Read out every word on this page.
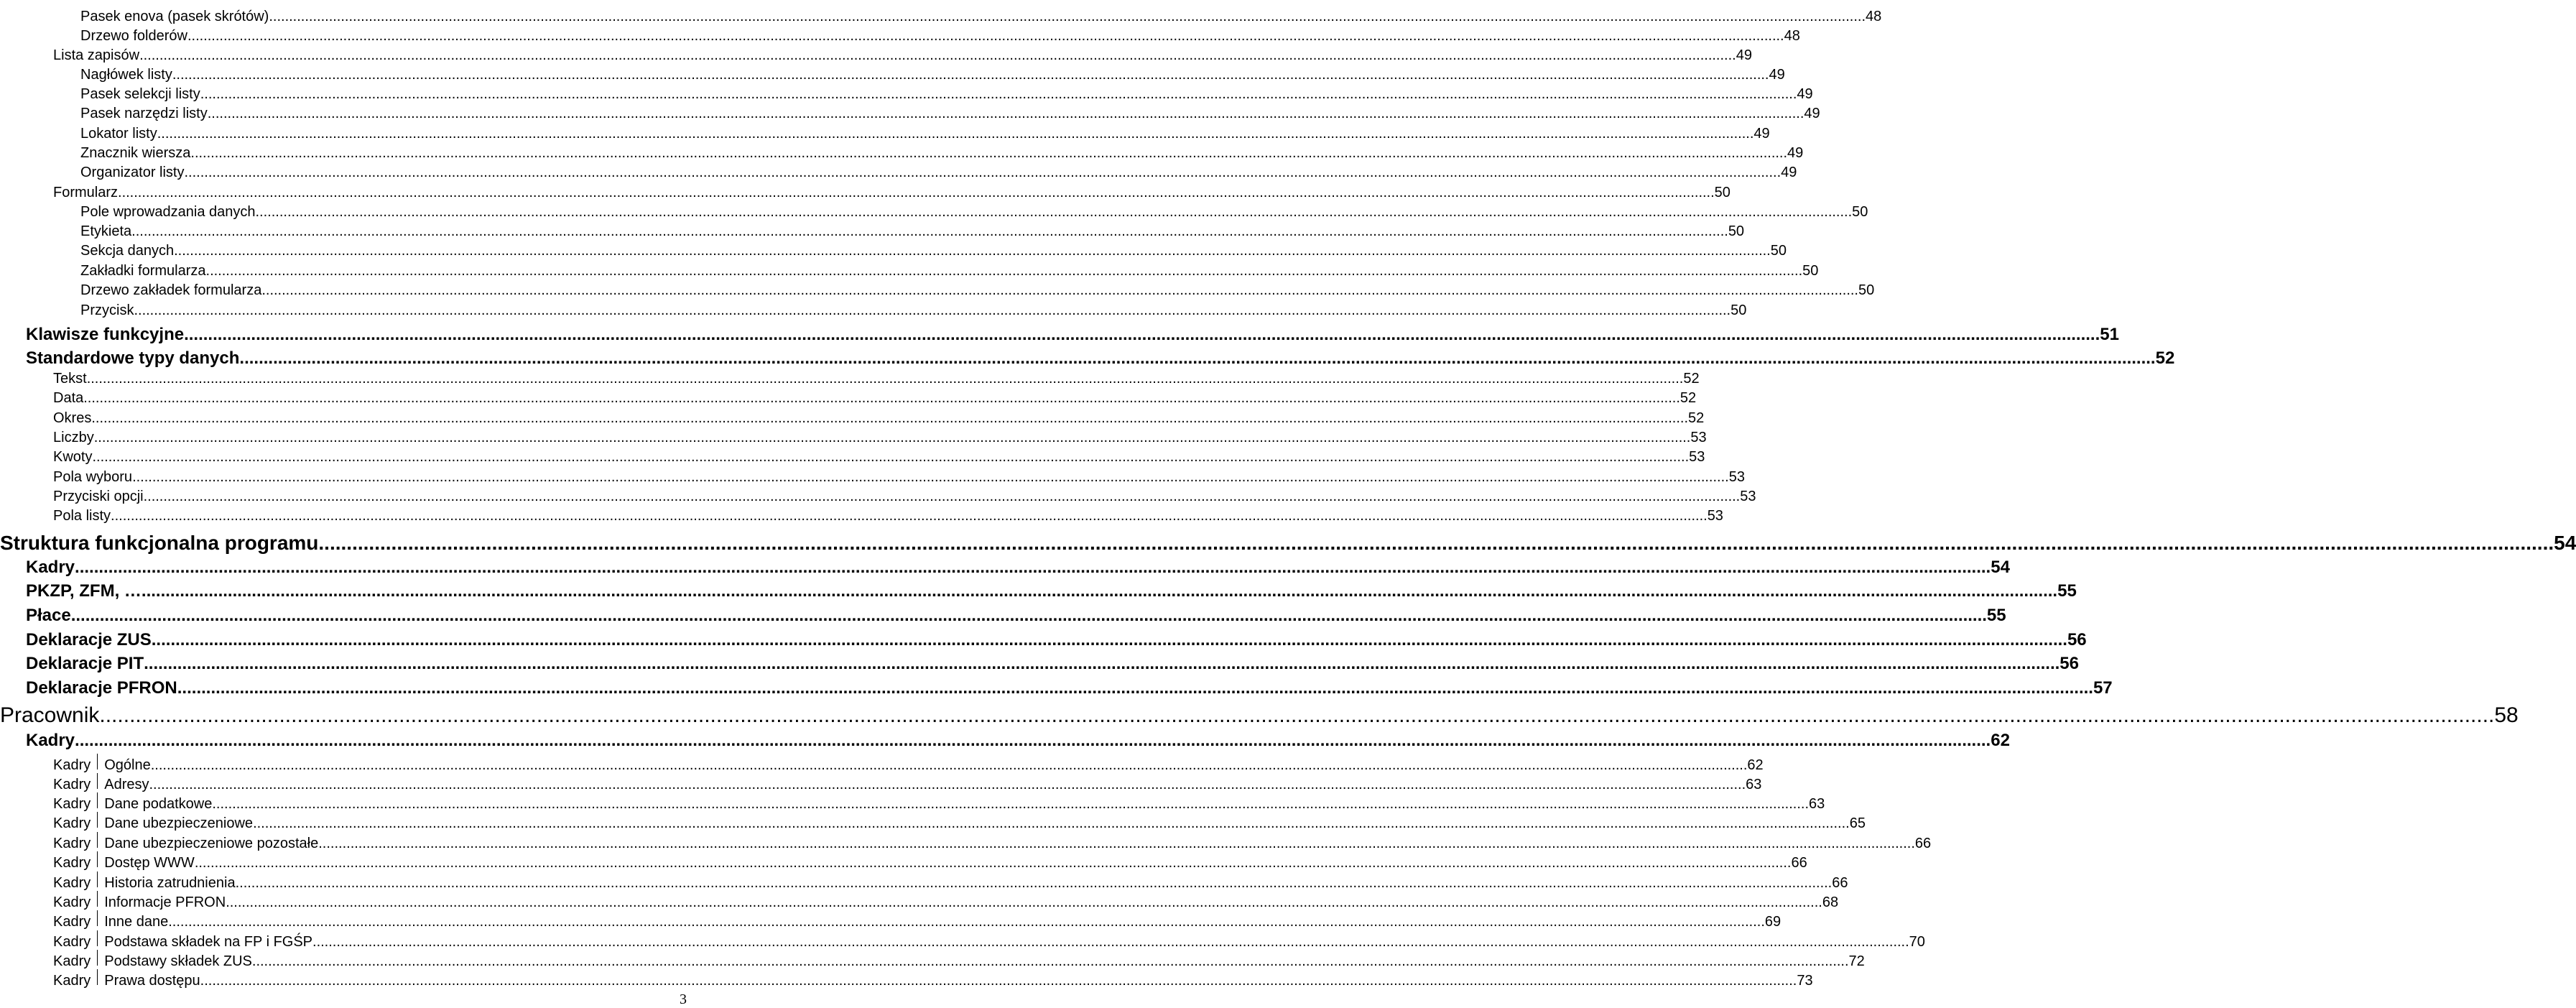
Pasek enova (pasek skrótów) ................................................................................................................................................................................................................................................................................................................................................................................................................ 48
Drzewo folderów ................................................................................................................................................................................................................................................................................................................................................................................................................ 48
Lista zapisów ................................................................................................................................................................................................................................................................................................................................................................................................................ 49
Nagłówek listy ................................................................................................................................................................................................................................................................................................................................................................................................................ 49
Pasek selekcji listy ................................................................................................................................................................................................................................................................................................................................................................................................................ 49
Pasek narzędzi listy ................................................................................................................................................................................................................................................................................................................................................................................................................ 49
Lokator listy ................................................................................................................................................................................................................................................................................................................................................................................................................ 49
Znacznik wiersza ................................................................................................................................................................................................................................................................................................................................................................................................................ 49
Organizator listy ................................................................................................................................................................................................................................................................................................................................................................................................................ 49
Formularz ................................................................................................................................................................................................................................................................................................................................................................................................................ 50
Pole wprowadzania danych ................................................................................................................................................................................................................................................................................................................................................................................................................ 50
Etykieta ................................................................................................................................................................................................................................................................................................................................................................................................................ 50
Sekcja danych ................................................................................................................................................................................................................................................................................................................................................................................................................ 50
Zakładki formularza ................................................................................................................................................................................................................................................................................................................................................................................................................ 50
Drzewo zakładek formularza ................................................................................................................................................................................................................................................................................................................................................................................................................ 50
Przycisk ................................................................................................................................................................................................................................................................................................................................................................................................................ 50
Klawisze funkcyjne ................................................................................................................................................................................................................................................................................................................................................................................................................ 51
Standardowe typy danych ................................................................................................................................................................................................................................................................................................................................................................................................................ 52
Tekst ................................................................................................................................................................................................................................................................................................................................................................................................................ 52
Data ................................................................................................................................................................................................................................................................................................................................................................................................................ 52
Okres ................................................................................................................................................................................................................................................................................................................................................................................................................ 52
Liczby ................................................................................................................................................................................................................................................................................................................................................................................................................ 53
Kwoty ................................................................................................................................................................................................................................................................................................................................................................................................................ 53
Pola wyboru ................................................................................................................................................................................................................................................................................................................................................................................................................ 53
Przyciski opcji ................................................................................................................................................................................................................................................................................................................................................................................................................ 53
Pola listy ................................................................................................................................................................................................................................................................................................................................................................................................................ 53
Struktura funkcjonalna programu ................................................................................................................................................................................................................................................................................................................................................................................................................ 54
Kadry ................................................................................................................................................................................................................................................................................................................................................................................................................ 54
PKZP, ZFM, … ................................................................................................................................................................................................................................................................................................................................................................................................................ 55
Płace ................................................................................................................................................................................................................................................................................................................................................................................................................ 55
Deklaracje ZUS ................................................................................................................................................................................................................................................................................................................................................................................................................ 56
Deklaracje PIT ................................................................................................................................................................................................................................................................................................................................................................................................................ 56
Deklaracje PFRON ................................................................................................................................................................................................................................................................................................................................................................................................................ 57
Pracownik ................................................................................................................................................................................................................................................................................................................................................................................................................ 58
Kadry ................................................................................................................................................................................................................................................................................................................................................................................................................ 62
Kadry Ogólne ................................................................................................................................................................................................................................................................................................................................................................................................................ 62
Kadry Adresy ................................................................................................................................................................................................................................................................................................................................................................................................................ 63
Kadry Dane podatkowe ................................................................................................................................................................................................................................................................................................................................................................................................................ 63
Kadry Dane ubezpieczeniowe ................................................................................................................................................................................................................................................................................................................................................................................................................ 65
Kadry Dane ubezpieczeniowe pozostałe ................................................................................................................................................................................................................................................................................................................................................................................................................ 66
Kadry Dostęp WWW ................................................................................................................................................................................................................................................................................................................................................................................................................ 66
Kadry Historia zatrudnienia ................................................................................................................................................................................................................................................................................................................................................................................................................ 66
Kadry Informacje PFRON ................................................................................................................................................................................................................................................................................................................................................................................................................ 68
Kadry Inne dane ................................................................................................................................................................................................................................................................................................................................................................................................................ 69
Kadry Podstawa składek na FP i FGŚP ................................................................................................................................................................................................................................................................................................................................................................................................................ 70
Kadry Podstawy składek ZUS ................................................................................................................................................................................................................................................................................................................................................................................................................ 72
Kadry Prawa dostępu ................................................................................................................................................................................................................................................................................................................................................................................................................ 73
3
